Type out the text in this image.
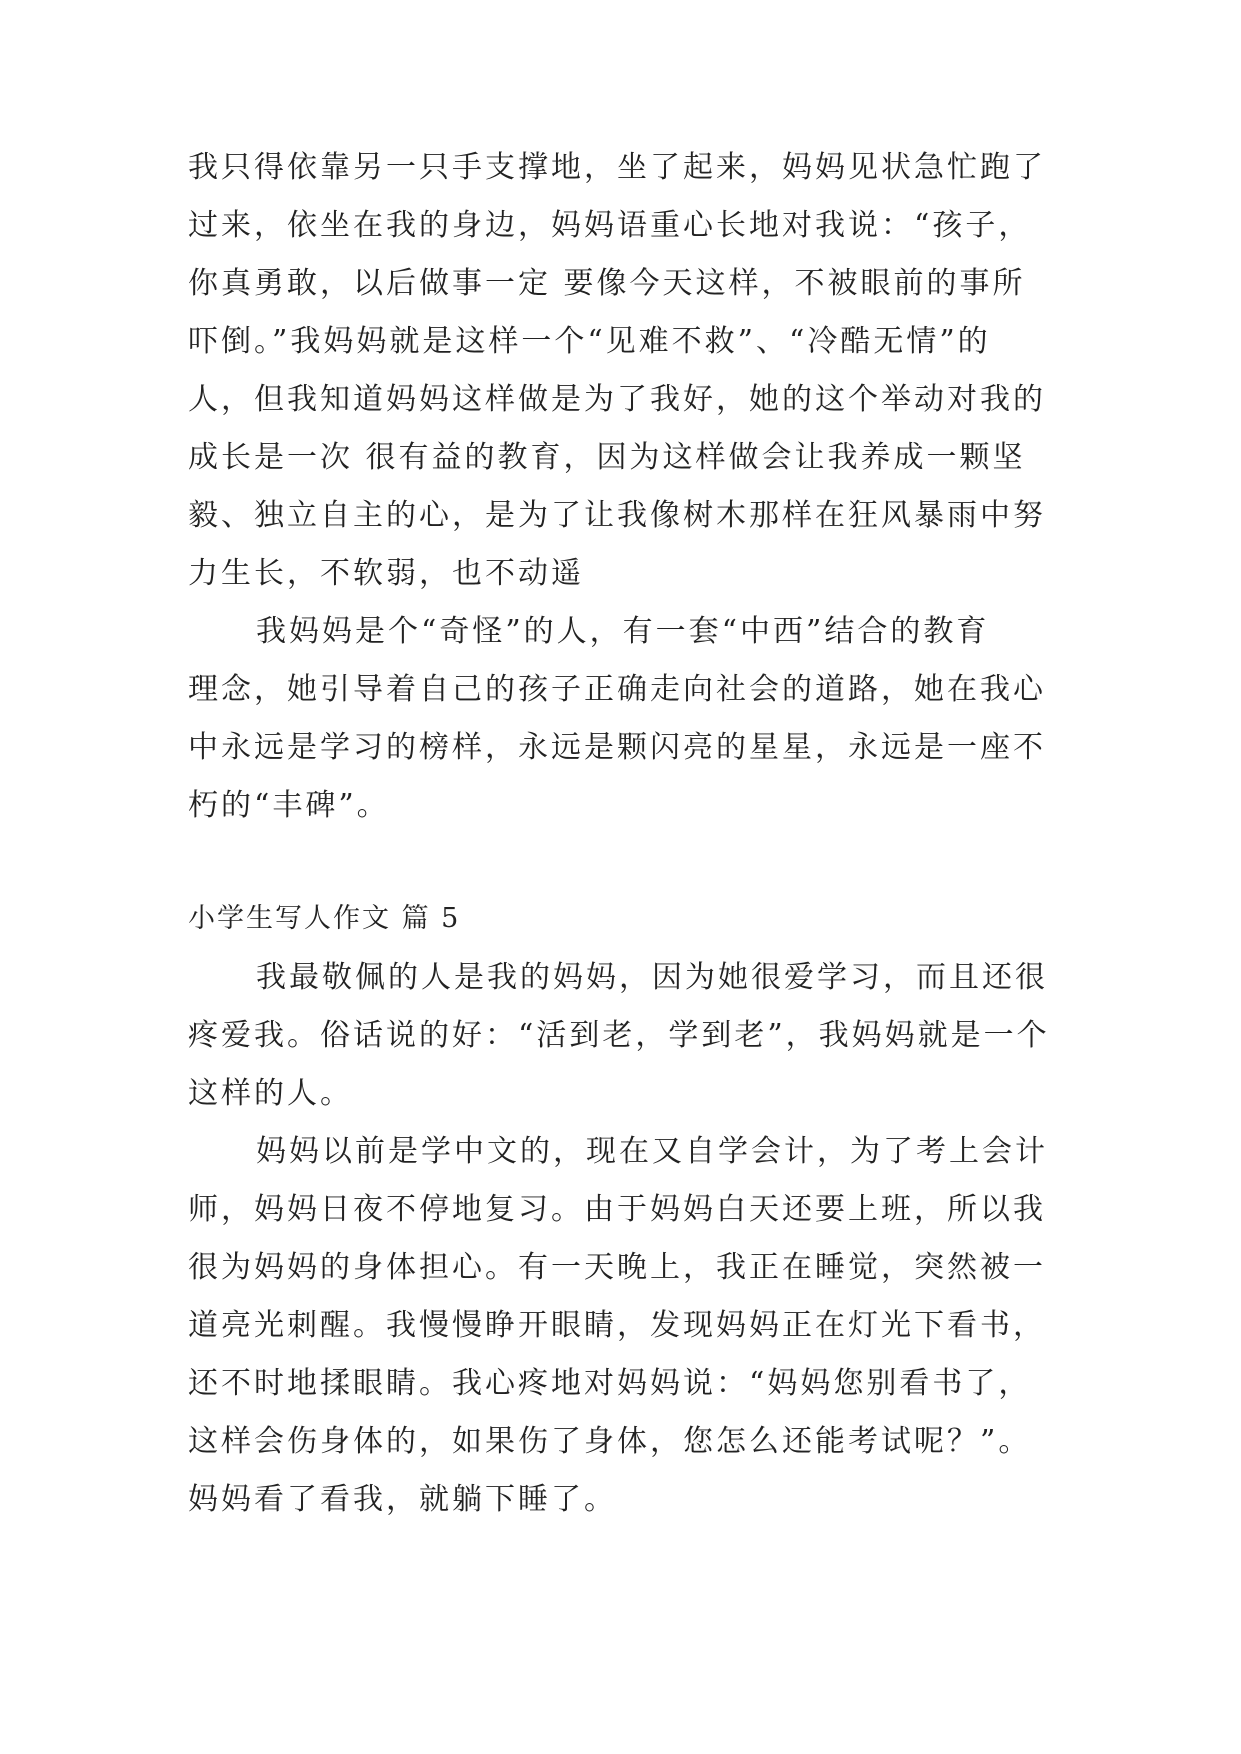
我只得依靠另一只手支撑地，坐了起来，妈妈见状急忙跑了
过来，依坐在我的身边，妈妈语重心长地对我说：“孩子，
你真勇敢，以后做事一定 要像今天这样，不被眼前的事所
吓倒。”我妈妈就是这样一个“见难不救”、“冷酷无情”的
人，但我知道妈妈这样做是为了我好，她的这个举动对我的
成长是一次 很有益的教育，因为这样做会让我养成一颗坚
毅、独立自主的心，是为了让我像树木那样在狂风暴雨中努
力生长，不软弱，也不动遥
我妈妈是个“奇怪”的人，有一套“中西”结合的教育
理念，她引导着自己的孩子正确走向社会的道路，她在我心
中永远是学习的榜样，永远是颗闪亮的星星，永远是一座不
朽的“丰碑”。
小学生写人作文 篇 5
我最敬佩的人是我的妈妈，因为她很爱学习，而且还很
疼爱我。俗话说的好：“活到老，学到老”，我妈妈就是一个
这样的人。
妈妈以前是学中文的，现在又自学会计，为了考上会计
师，妈妈日夜不停地复习。由于妈妈白天还要上班，所以我
很为妈妈的身体担心。有一天晚上，我正在睡觉，突然被一
道亮光刺醒。我慢慢睁开眼睛，发现妈妈正在灯光下看书，
还不时地揉眼睛。我心疼地对妈妈说：“妈妈您别看书了，
这样会伤身体的，如果伤了身体，您怎么还能考试呢？”。
妈妈看了看我，就躺下睡了。
